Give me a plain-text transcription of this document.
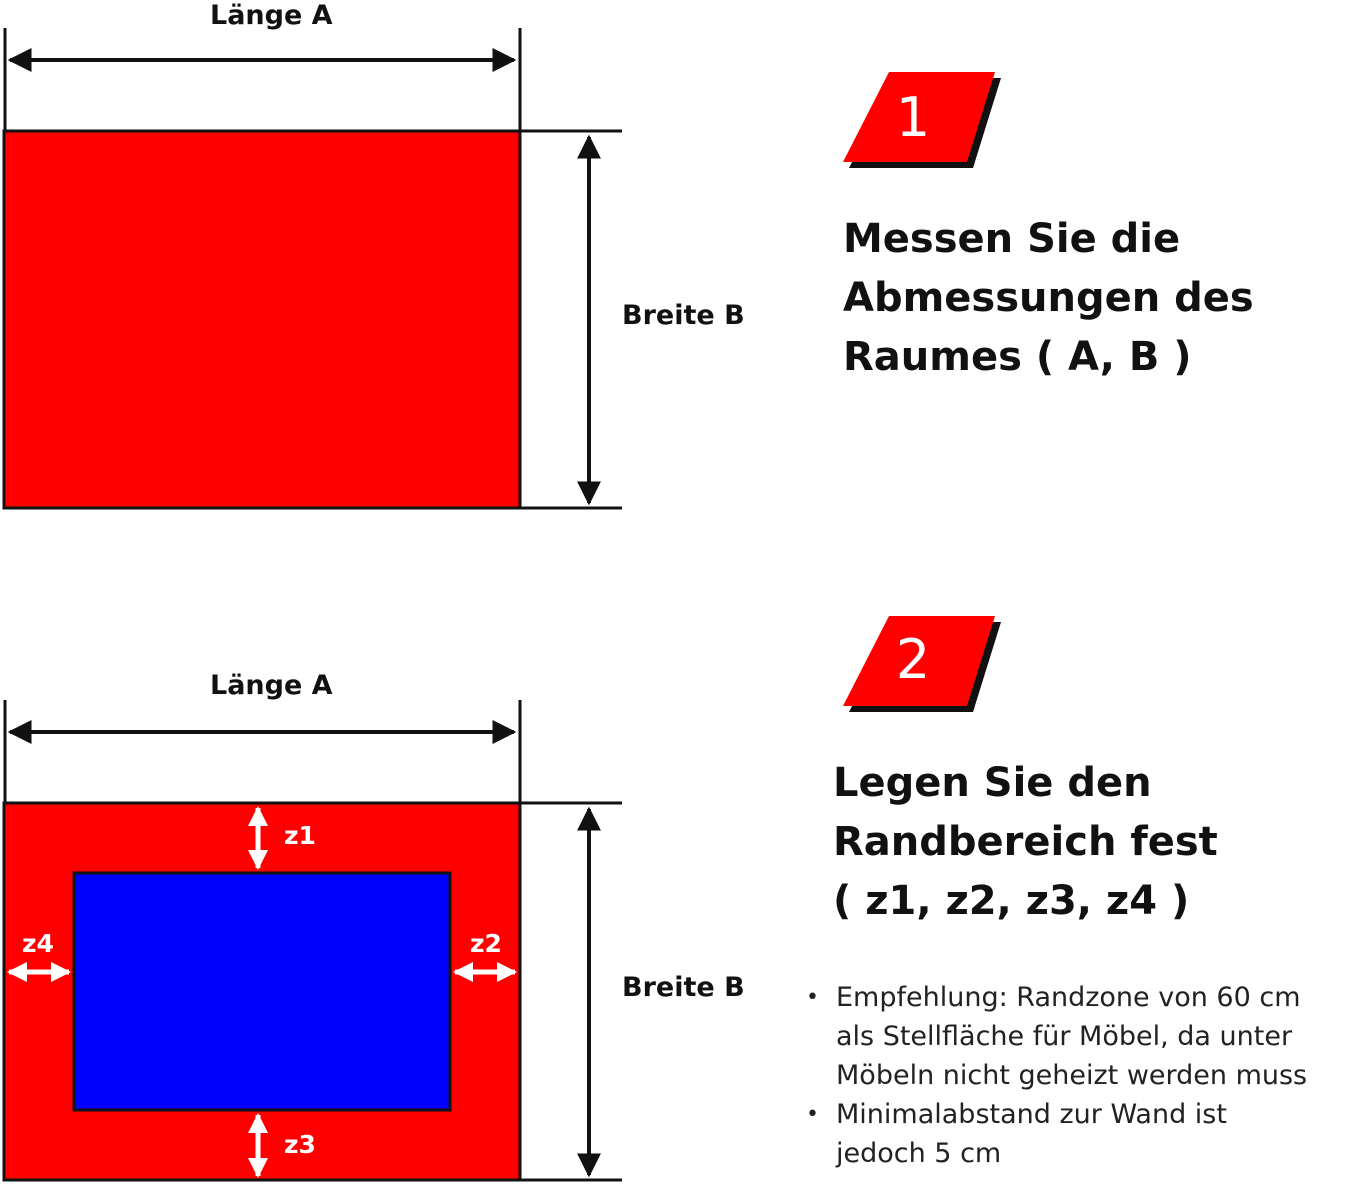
Länge A
Breite B
Länge A
Breite B
z1
z2
z3
z4
1
Messen Sie die
Abmessungen des
Raumes ( A, B )
2
Legen Sie den
Randbereich fest
( z1, z2, z3, z4 )
• Empfehlung: Randzone von 60 cm
als Stellfläche für Möbel, da unter
Möbeln nicht geheizt werden muss
• Minimalabstand zur Wand ist
jedoch 5 cm
